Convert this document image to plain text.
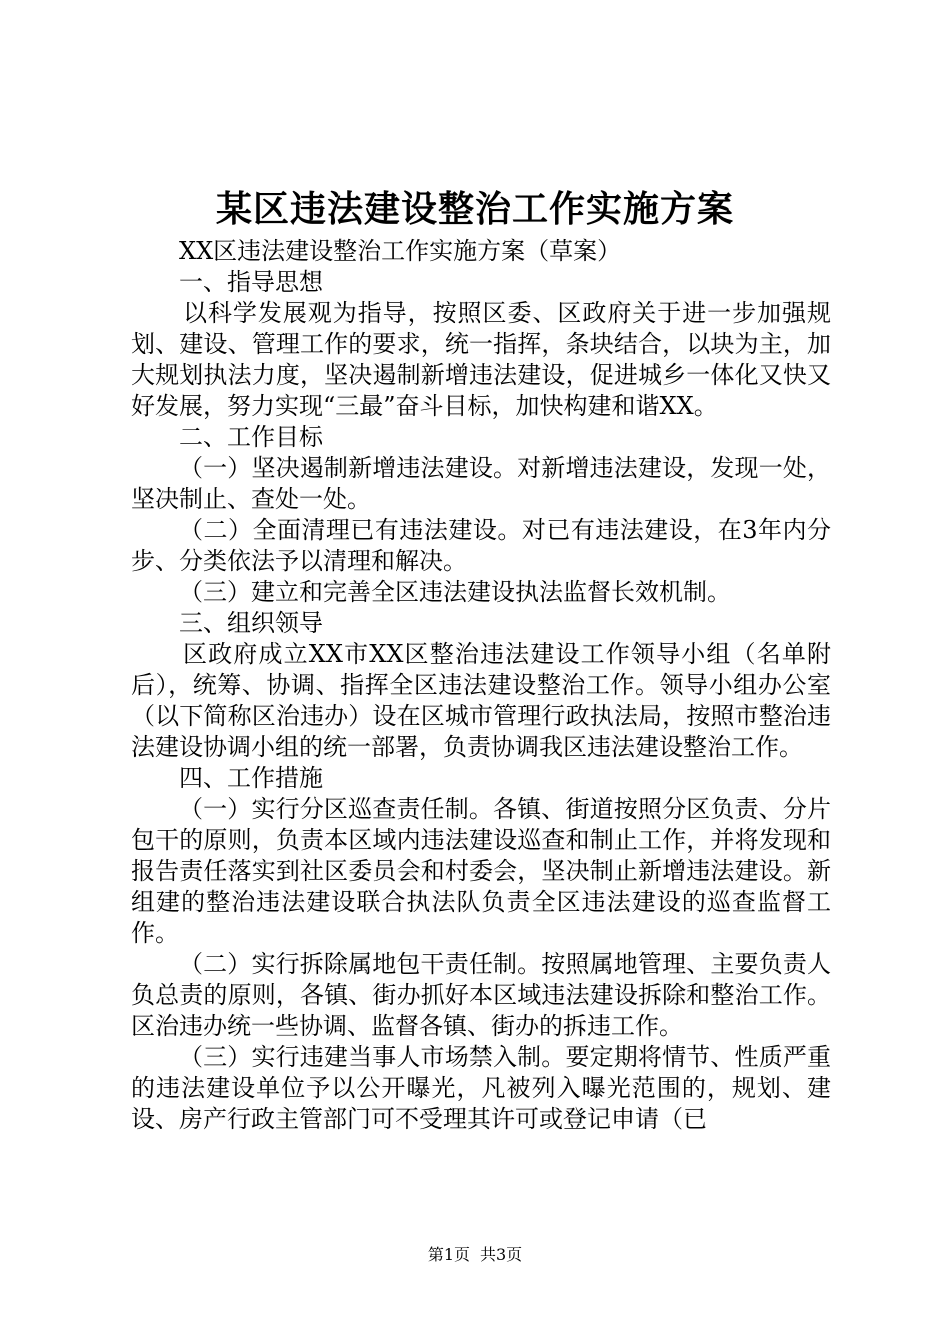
某区违法建设整治工作实施方案

XX区违法建设整治工作实施方案（草案）

一、指导思想

以科学发展观为指导，按照区委、区政府关于进一步加强规划、建设、管理工作的要求，统一指挥，条块结合，以块为主，加大规划执法力度，坚决遏制新增违法建设，促进城乡一体化又快又好发展，努力实现“三最”奋斗目标，加快构建和谐XX。

二、工作目标

（一）坚决遏制新增违法建设。对新增违法建设，发现一处，坚决制止、查处一处。

（二）全面清理已有违法建设。对已有违法建设，在3年内分步、分类依法予以清理和解决。

（三）建立和完善全区违法建设执法监督长效机制。

三、组织领导

区政府成立XX市XX区整治违法建设工作领导小组（名单附后），统筹、协调、指挥全区违法建设整治工作。领导小组办公室（以下简称区治违办）设在区城市管理行政执法局，按照市整治违法建设协调小组的统一部署，负责协调我区违法建设整治工作。

四、工作措施

（一）实行分区巡查责任制。各镇、街道按照分区负责、分片包干的原则，负责本区域内违法建设巡查和制止工作，并将发现和报告责任落实到社区委员会和村委会，坚决制止新增违法建设。新组建的整治违法建设联合执法队负责全区违法建设的巡查监督工作。

（二）实行拆除属地包干责任制。按照属地管理、主要负责人负总责的原则，各镇、街办抓好本区域违法建设拆除和整治工作。区治违办统一些协调、监督各镇、街办的拆违工作。

（三）实行违建当事人市场禁入制。要定期将情节、性质严重的违法建设单位予以公开曝光，凡被列入曝光范围的，规划、建设、房产行政主管部门可不受理其许可或登记申请（已

第1页 共3页
